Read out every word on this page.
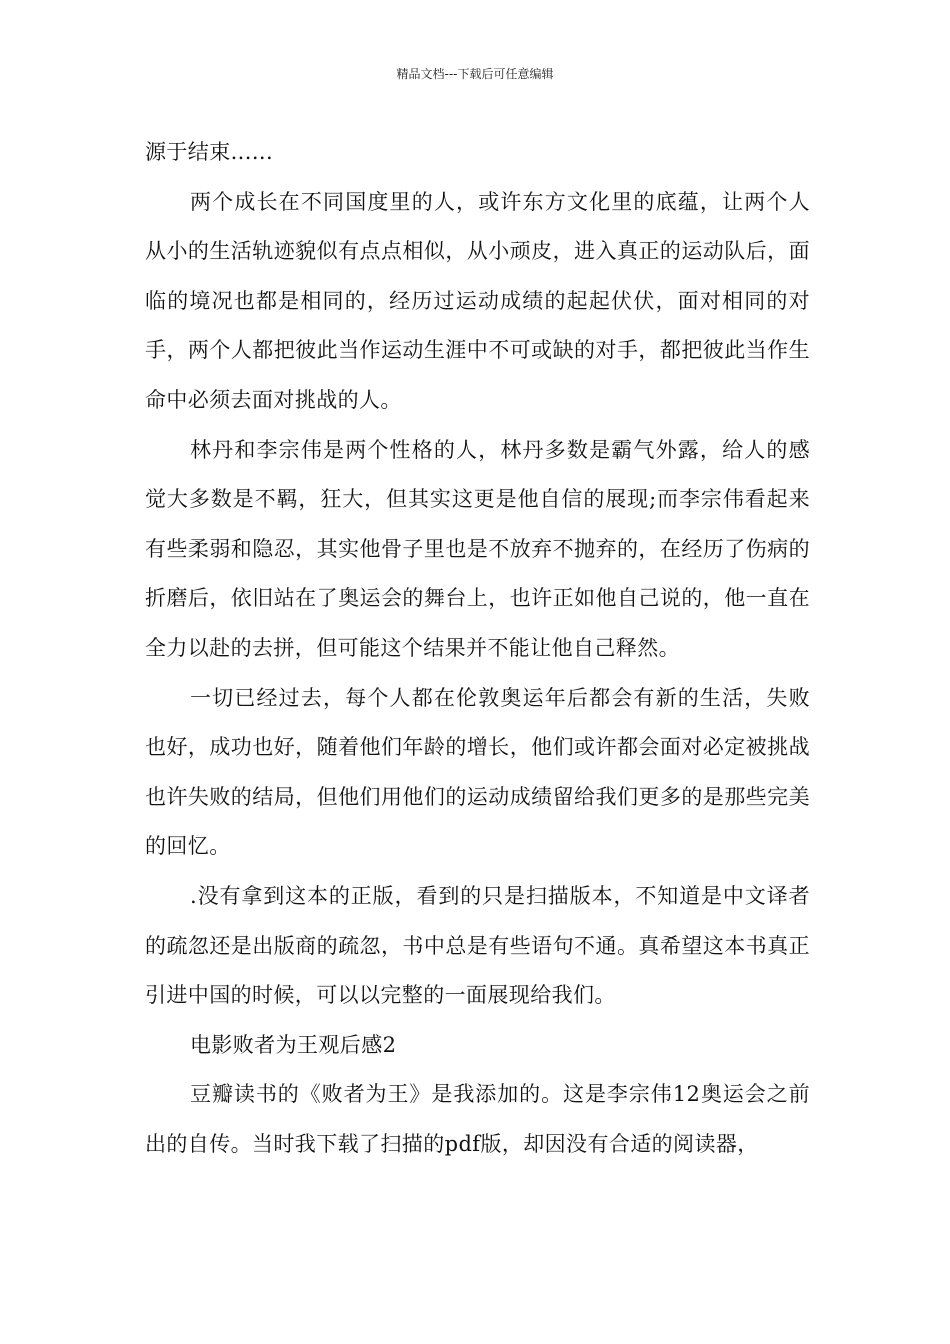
精品文档---下载后可任意编辑

源于结束......

两个成长在不同国度里的人，或许东方文化里的底蕴，让两个人从小的生活轨迹貌似有点点相似，从小顽皮，进入真正的运动队后，面临的境况也都是相同的，经历过运动成绩的起起伏伏，面对相同的对手，两个人都把彼此当作运动生涯中不可或缺的对手，都把彼此当作生命中必须去面对挑战的人。

林丹和李宗伟是两个性格的人，林丹多数是霸气外露，给人的感觉大多数是不羁，狂大，但其实这更是他自信的展现;而李宗伟看起来有些柔弱和隐忍，其实他骨子里也是不放弃不抛弃的，在经历了伤病的折磨后，依旧站在了奥运会的舞台上，也许正如他自己说的，他一直在全力以赴的去拼，但可能这个结果并不能让他自己释然。

一切已经过去，每个人都在伦敦奥运年后都会有新的生活，失败也好，成功也好，随着他们年龄的增长，他们或许都会面对必定被挑战也许失败的结局，但他们用他们的运动成绩留给我们更多的是那些完美的回忆。

.没有拿到这本的正版，看到的只是扫描版本，不知道是中文译者的疏忽还是出版商的疏忽，书中总是有些语句不通。真希望这本书真正引进中国的时候，可以以完整的一面展现给我们。

电影败者为王观后感2

豆瓣读书的《败者为王》是我添加的。这是李宗伟12奥运会之前出的自传。当时我下载了扫描的pdf版，却因没有合适的阅读器，
